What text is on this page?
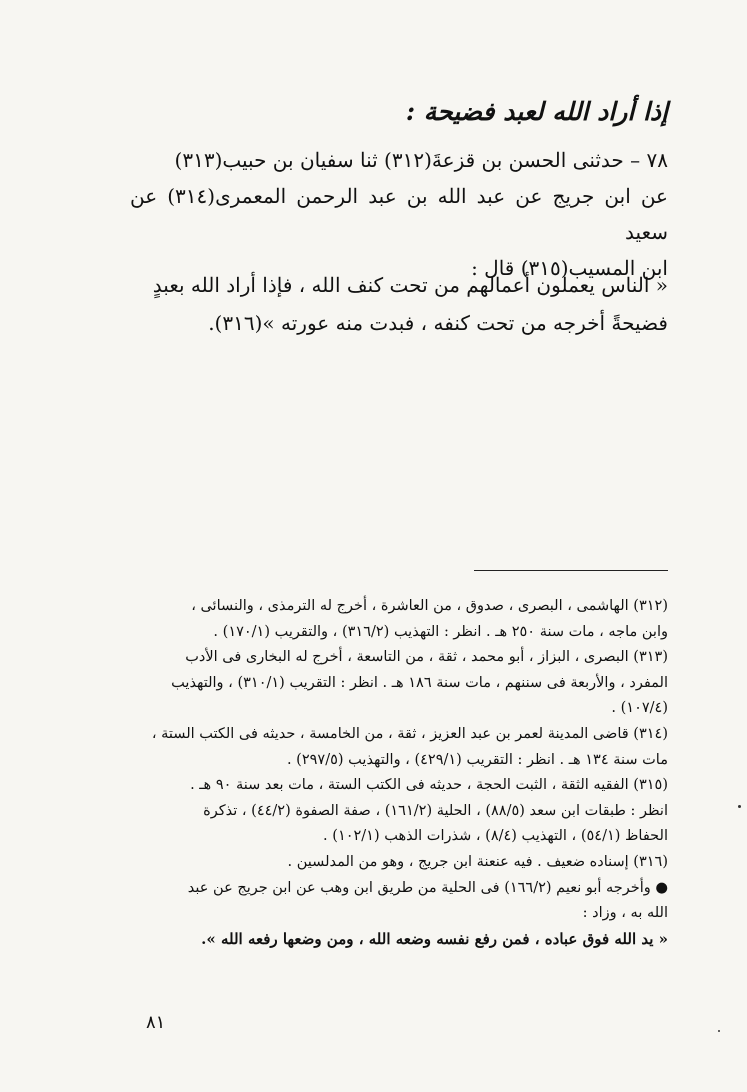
إذا أراد الله لعبد فضيحة :
٧٨ – حدثنى الحسن بن قزعةَ(٣١٢) ثنا سفيان بن حبيب(٣١٣)
عن ابن جريج عن عبد الله بن عبد الرحمن المعمرى(٣١٤) عن سعيد
ابن المسيب(٣١٥) قال :
« الناس يعملون أعمالهم من تحت كنف الله ، فإذا أراد الله بعبدٍ
فضيحةً أخرجه من تحت كنفه ، فبدت منه عورته »(٣١٦).

(٣١٢) الهاشمى ، البصرى ، صدوق ، من العاشرة ، أخرج له الترمذى ، والنسائى ،

وابن ماجه ، مات سنة ٢٥٠ هـ . انظر : التهذيب (٣١٦/٢) ، والتقريب (١٧٠/١) .

(٣١٣) البصرى ، البزاز ، أبو محمد ، ثقة ، من التاسعة ، أخرج له البخارى فى الأدب

المفرد ، والأربعة فى سننهم ، مات سنة ١٨٦ هـ . انظر : التقريب (٣١٠/١) ، والتهذيب

(١٠٧/٤) .

(٣١٤) قاضى المدينة لعمر بن عبد العزيز ، ثقة ، من الخامسة ، حديثه فى الكتب الستة ،

مات سنة ١٣٤ هـ . انظر : التقريب (٤٢٩/١) ، والتهذيب (٢٩٧/٥) .

(٣١٥) الفقيه الثقة ، الثبت الحجة ، حديثه فى الكتب الستة ، مات بعد سنة ٩٠ هـ .

انظر : طبقات ابن سعد (٨٨/٥) ، الحلية (١٦١/٢) ، صفة الصفوة (٤٤/٢) ، تذكرة

الحفاظ (٥٤/١) ، التهذيب (٨/٤) ، شذرات الذهب (١٠٢/١) .

(٣١٦) إسناده ضعيف . فيه عنعنة ابن جريج ، وهو من المدلسين .

● وأخرجه أبو نعيم (١٦٦/٢) فى الحلية من طريق ابن وهب عن ابن جريج عن عبد

الله به ، وزاد :

« يد الله فوق عباده ، فمن رفع نفسه وضعه الله ، ومن وضعها رفعه الله ».

٨١
